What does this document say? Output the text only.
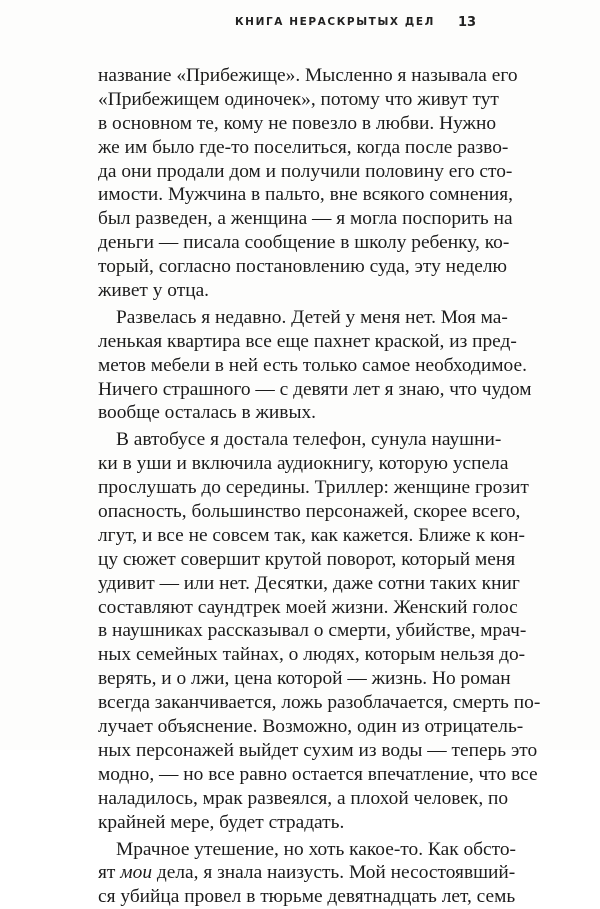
КНИГА НЕРАСКРЫТЫХ ДЕЛ 13
название «Прибежище». Мысленно я называла его
«Прибежищем одиночек», потому что живут тут
в основном те, кому не повезло в любви. Нужно
же им было где-то поселиться, когда после разво-
да они продали дом и получили половину его сто-
имости. Мужчина в пальто, вне всякого сомнения,
был разведен, а женщина — я могла поспорить на
деньги — писала сообщение в школу ребенку, ко-
торый, согласно постановлению суда, эту неделю
живет у отца.
Развелась я недавно. Детей у меня нет. Моя ма-
ленькая квартира все еще пахнет краской, из пред-
метов мебели в ней есть только самое необходимое.
Ничего страшного — с девяти лет я знаю, что чудом
вообще осталась в живых.
В автобусе я достала телефон, сунула наушни-
ки в уши и включила аудиокнигу, которую успела
прослушать до середины. Триллер: женщине грозит
опасность, большинство персонажей, скорее всего,
лгут, и все не совсем так, как кажется. Ближе к кон-
цу сюжет совершит крутой поворот, который меня
удивит — или нет. Десятки, даже сотни таких книг
составляют саундтрек моей жизни. Женский голос
в наушниках рассказывал о смерти, убийстве, мрач-
ных семейных тайнах, о людях, которым нельзя до-
верять, и о лжи, цена которой — жизнь. Но роман
всегда заканчивается, ложь разоблачается, смерть по-
лучает объяснение. Возможно, один из отрицатель-
ных персонажей выйдет сухим из воды — теперь это
модно, — но все равно остается впечатление, что все
наладилось, мрак развеялся, а плохой человек, по
крайней мере, будет страдать.
Мрачное утешение, но хоть какое-то. Как обсто-
ят мои дела, я знала наизусть. Мой несостоявший-
ся убийца провел в тюрьме девятнадцать лет, семь
